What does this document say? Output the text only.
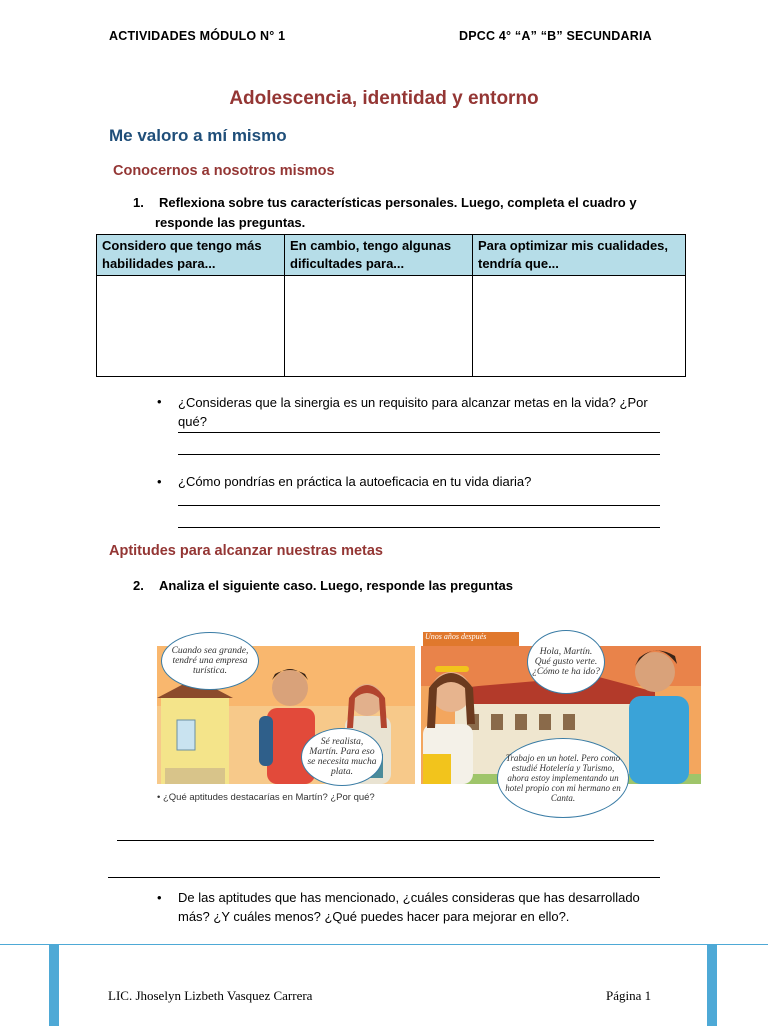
ACTIVIDADES MÓDULO N° 1	DPCC 4° “A” “B” SECUNDARIA
Adolescencia, identidad y entorno
Me valoro a mí mismo
Conocernos a nosotros mismos
1. Reflexiona sobre tus características personales. Luego, completa el cuadro y
responde las preguntas.
Considero que tengo más habilidades para...	En cambio, tengo algunas dificultades para...	Para optimizar mis cualidades, tendría que...

• ¿Consideras que la sinergia es un requisito para alcanzar metas en la vida? ¿Por
qué?
• ¿Cómo pondrías en práctica la autoeficacia en tu vida diaria?
Aptitudes para alcanzar nuestras metas
2. Analiza el siguiente caso. Luego, responde las preguntas
Cuando sea grande, tendré una empresa turística.
Sé realista, Martín. Para eso se necesita mucha plata.
Unos años después
Hola, Martín. Qué gusto verte. ¿Cómo te ha ido?
Trabajo en un hotel. Pero como estudié Hotelería y Turismo, ahora estoy implementando un hotel propio con mi hermano en Canta.
• ¿Qué aptitudes destacarías en Martín? ¿Por qué?
• De las aptitudes que has mencionado, ¿cuáles consideras que has desarrollado
más? ¿Y cuáles menos? ¿Qué puedes hacer para mejorar en ello?.
LIC. Jhoselyn Lizbeth Vasquez Carrera	Página 1
